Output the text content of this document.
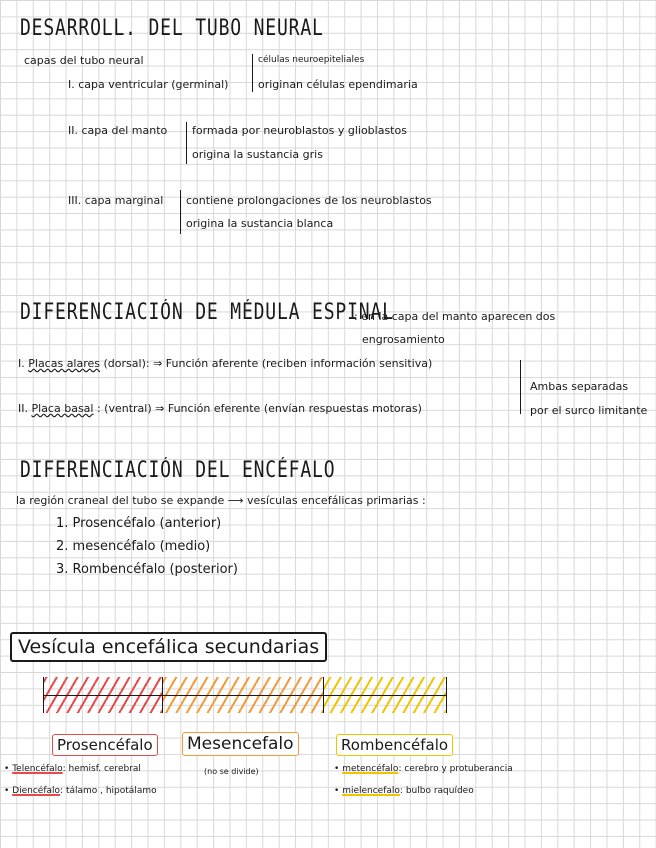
DESARROLL. DEL TUBO NEURAL
capas del tubo neural
I. capa ventricular (germinal)
células neuroepiteliales
originan células ependimaria
II. capa del manto formada por neuroblastos y glioblastos
origina la sustancia gris
III. capa marginal contiene prolongaciones de los neuroblastos
origina la sustancia blanca
DIFERENCIACIÓN DE MÉDULA ESPINAL
: en la capa del manto aparecen dos
engrosamiento
I. Placas alares (dorsal): ⇒ Función aferente (reciben información sensitiva)
II. Placa basal : (ventral) ⇒ Función eferente (envían respuestas motoras)
Ambas separadas
por el surco limitante
DIFERENCIACIÓN DEL ENCÉFALO
la región craneal del tubo se expande ⟶ vesículas encefálicas primarias :
1. Prosencéfalo (anterior)
2. mesencéfalo (medio)
3. Rombencéfalo (posterior)
Vesícula encefálica secundarias
Prosencéfalo Mesencefalo	Rombencéfalo
• Telencéfalo: hemisf. cerebral
• Diencéfalo: tálamo , hipotálamo
(no se divide)	• metencéfalo: cerebro y protuberancia
• mielencefalo: bulbo raquídeo
